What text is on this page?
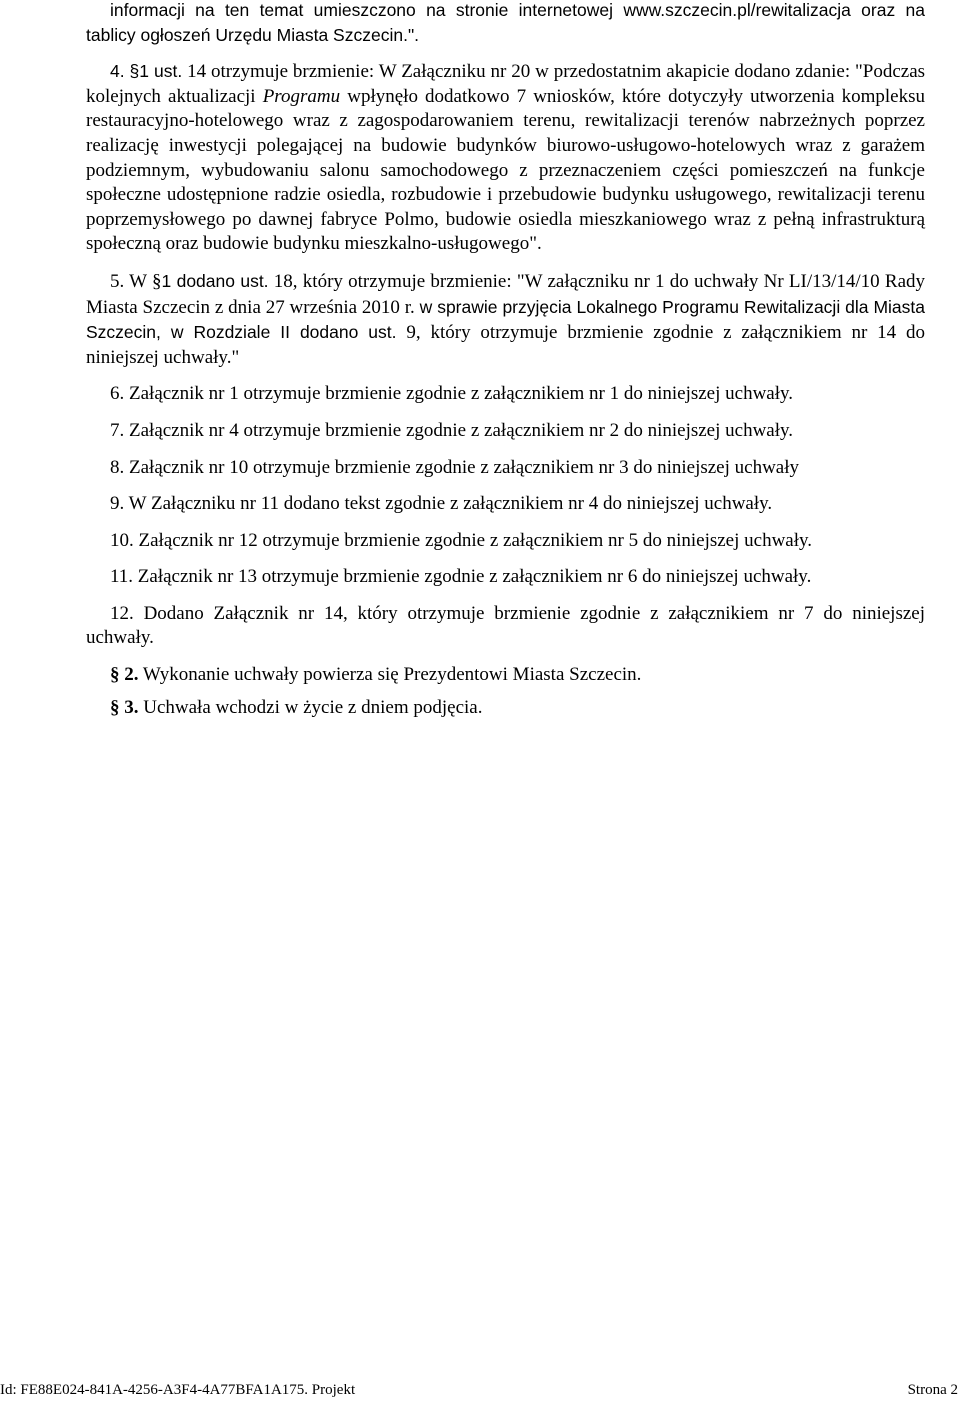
informacji na ten temat umieszczono na stronie internetowej www.szczecin.pl/rewitalizacja oraz na tablicy ogłoszeń Urzędu Miasta Szczecin.".

4. §1 ust. 14 otrzymuje brzmienie: W Załączniku nr 20 w przedostatnim akapicie dodano zdanie: "Podczas kolejnych aktualizacji Programu wpłynęło dodatkowo 7 wniosków, które dotyczyły utworzenia kompleksu restauracyjno-hotelowego wraz z zagospodarowaniem terenu, rewitalizacji terenów nabrzeżnych poprzez realizację inwestycji polegającej na budowie budynków biurowo-usługowo-hotelowych wraz z garażem podziemnym, wybudowaniu salonu samochodowego z przeznaczeniem części pomieszczeń na funkcje społeczne udostępnione radzie osiedla, rozbudowie i przebudowie budynku usługowego, rewitalizacji terenu poprzemysłowego po dawnej fabryce Polmo, budowie osiedla mieszkaniowego wraz z pełną infrastrukturą społeczną oraz budowie budynku mieszkalno-usługowego".

5. W §1 dodano ust. 18, który otrzymuje brzmienie: "W załączniku nr 1 do uchwały Nr LI/13/14/10 Rady Miasta Szczecin z dnia 27 września 2010 r. w sprawie przyjęcia Lokalnego Programu Rewitalizacji dla Miasta Szczecin, w Rozdziale II dodano ust. 9, który otrzymuje brzmienie zgodnie z załącznikiem nr 14 do niniejszej uchwały."

6. Załącznik nr 1 otrzymuje brzmienie zgodnie z załącznikiem nr 1 do niniejszej uchwały.

7. Załącznik nr 4 otrzymuje brzmienie zgodnie z załącznikiem nr 2 do niniejszej uchwały.

8. Załącznik nr 10 otrzymuje brzmienie zgodnie z załącznikiem nr 3 do niniejszej uchwały

9. W Załączniku nr 11 dodano tekst zgodnie z załącznikiem nr 4 do niniejszej uchwały.

10. Załącznik nr 12 otrzymuje brzmienie zgodnie z załącznikiem nr 5 do niniejszej uchwały.

11. Załącznik nr 13 otrzymuje brzmienie zgodnie z załącznikiem nr 6 do niniejszej uchwały.

12. Dodano Załącznik nr 14, który otrzymuje brzmienie zgodnie z załącznikiem nr 7 do niniejszej uchwały.

§ 2. Wykonanie uchwały powierza się Prezydentowi Miasta Szczecin.

§ 3. Uchwała wchodzi w życie z dniem podjęcia.

Id: FE88E024-841A-4256-A3F4-4A77BFA1A175. Projekt	Strona 2
